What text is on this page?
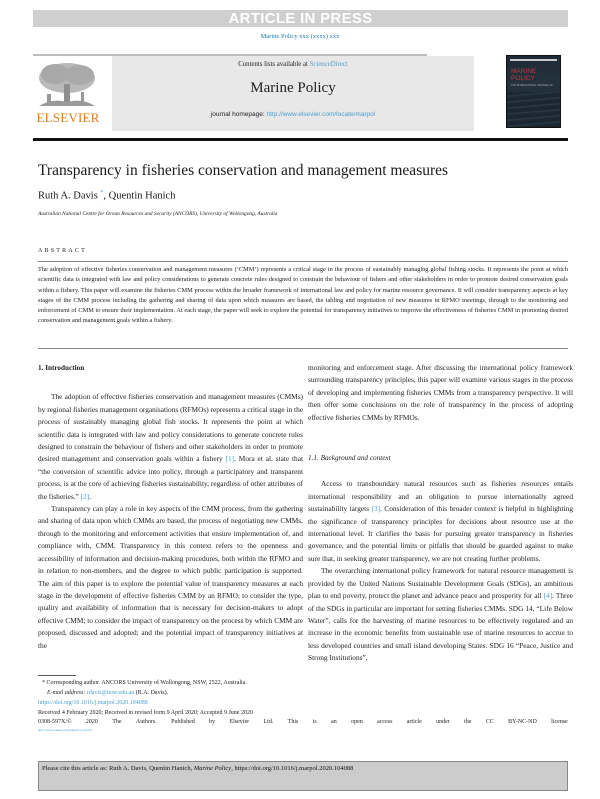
ARTICLE IN PRESS
Marine Policy xxx (xxxx) xxx
ELSEVIER
Contents lists available at ScienceDirect
Marine Policy
journal homepage: http://www.elsevier.com/locate/marpol
MARINE
POLICY
THE INTERNATIONAL JOURNAL OF
Transparency in fisheries conservation and management measures
Ruth A. Davis *, Quentin Hanich
Australian National Centre for Ocean Resources and Security (ANCORS), University of Wollongong, Australia
ABSTRACT

The adoption of effective fisheries conservation and management measures (‘CMM’) represents a critical stage in the process of sustainably managing global fishing stocks. It represents the point at which scientific data is integrated with law and policy considerations to generate concrete rules designed to constrain the behaviour of fishers and other stakeholders in order to promote desired conservation goals within a fishery. This paper will examine the fisheries CMM process within the broader framework of international law and policy for marine resource governance. It will consider transparency aspects at key stages of the CMM process including the gathering and sharing of data upon which measures are based, the tabling and negotiation of new measures in RFMO meetings, through to the monitoring and enforcement of CMM to ensure their implementation. At each stage, the paper will seek to explore the potential for transparency initiatives to improve the effectiveness of fisheries CMM in promoting desired conservation and management goals within a fishery.

1. Introduction

The adoption of effective fisheries conservation and management measures (CMMs) by regional fisheries management organisations (RFMOs) represents a critical stage in the process of sustainably managing global fish stocks. It represents the point at which scientific data is integrated with law and policy considerations to generate concrete rules designed to constrain the behaviour of fishers and other stakeholders in order to promote desired management and conservation goals within a fishery [1]. Mora et al. state that “the conversion of scientific advice into policy, through a participatory and transparent process, is at the core of achieving fisheries sustainability, regardless of other attributes of the fisheries.” [2].

Transparency can play a role in key aspects of the CMM process, from the gathering and sharing of data upon which CMMs are based, the process of negotiating new CMMs, through to the monitoring and enforcement activities that ensure implementation of, and compliance with, CMM. Transparency in this context refers to the openness and accessibility of information and decision-making procedures, both within the RFMO and in relation to non-members, and the degree to which public participation is supported. The aim of this paper is to explore the potential value of transparency measures at each stage in the development of effective fisheries CMM by an RFMO; to consider the type, quality and availability of information that is necessary for decision-makers to adopt effective CMM; to consider the impact of transparency on the process by which CMM are proposed, discussed and adopted; and the potential impact of transparency initiatives at the

monitoring and enforcement stage. After discussing the international policy framework surrounding transparency principles, this paper will examine various stages in the process of developing and implementing fisheries CMMs from a transparency perspective. It will then offer some conclusions on the role of transparency in the process of adopting effective fisheries CMMs by RFMOs.

1.1. Background and context

Access to transboundary natural resources such as fisheries resources entails international responsibility and an obligation to pursue internationally agreed sustainability targets [3]. Consideration of this broader context is helpful in highlighting the significance of transparency principles for decisions about resource use at the international level. It clarifies the basis for pursuing greater transparency in fisheries governance, and the potential limits or pitfalls that should be guarded against to make sure that, in seeking greater transparency, we are not creating further problems.

The overarching international policy framework for natural resource management is provided by the United Nations Sustainable Development Goals (SDGs), an ambitious plan to end poverty, protect the planet and advance peace and prosperity for all [4]. Three of the SDGs in particular are important for setting fisheries CMMs. SDG 14, “Life Below Water”, calls for the harvesting of marine resources to be effectively regulated and an increase in the economic benefits from sustainable use of marine resources to accrue to less developed countries and small island developing States. SDG 16 “Peace, Justice and Strong Institutions”,

* Corresponding author. ANCORS University of Wollongong, NSW, 2522, Australia.
E-mail address: rdavis@uow.edu.au (R.A. Davis).
https://doi.org/10.1016/j.marpol.2020.104088
Received 4 February 2020; Received in revised form 9 April 2020; Accepted 9 June 2020
0308-597X/© 2020 The Authors. Published by Elsevier Ltd. This is an open access article under the CC BY-NC-ND license
(http://creativecommons.org/licenses/by-nc-nd/4.0/)
Please cite this article as: Ruth A. Davis, Quentin Hanich, Marine Policy, https://doi.org/10.1016/j.marpol.2020.104088
